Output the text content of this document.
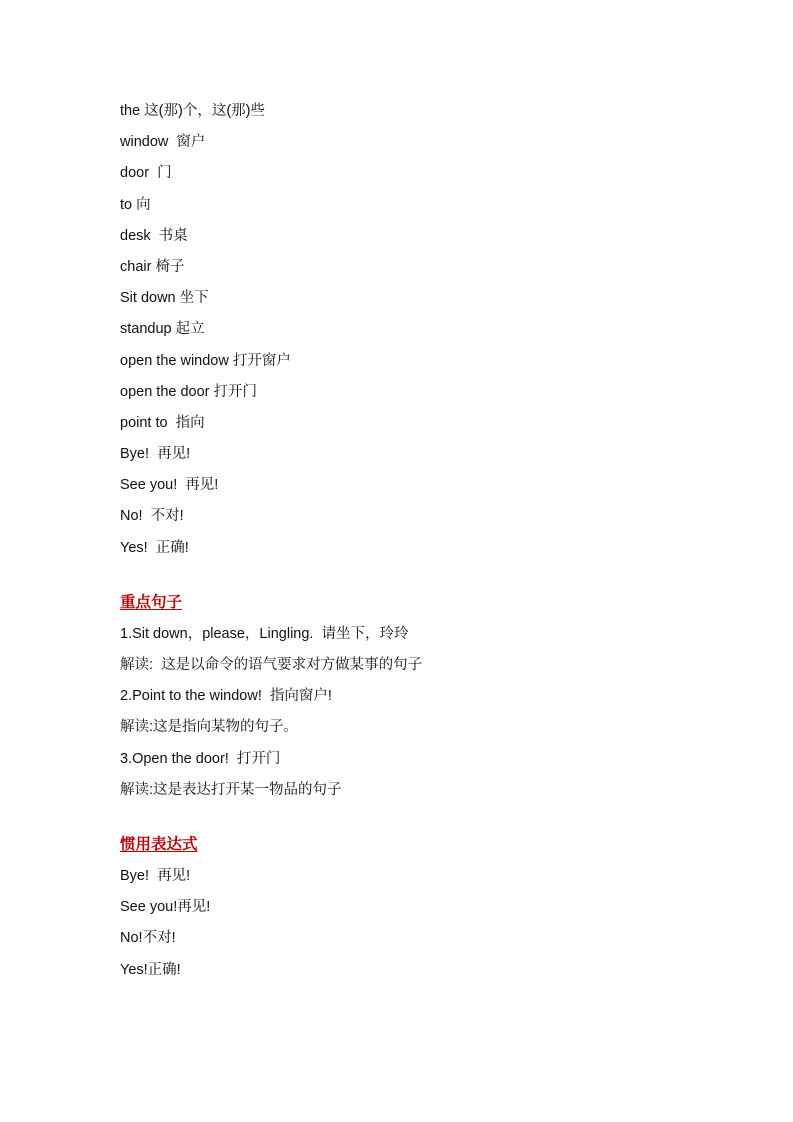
the 这(那)个，这(那)些
window  窗户
door  门
to 向
desk  书桌
chair 椅子
Sit down 坐下
standup 起立
open the window 打开窗户
open the door 打开门
point to  指向
Bye!  再见!
See you!  再见!
No!  不对!
Yes!  正确!
重点句子
1.Sit down，please，Lingling.  请坐下，玲玲
解读:  这是以命令的语气要求对方做某事的句子
2.Point to the window!  指向窗户!
解读:这是指向某物的句子。
3.Open the door!  打开门
解读:这是表达打开某一物品的句子
惯用表达式
Bye!  再见!
See you!再见!
No!不对!
Yes!正确!
